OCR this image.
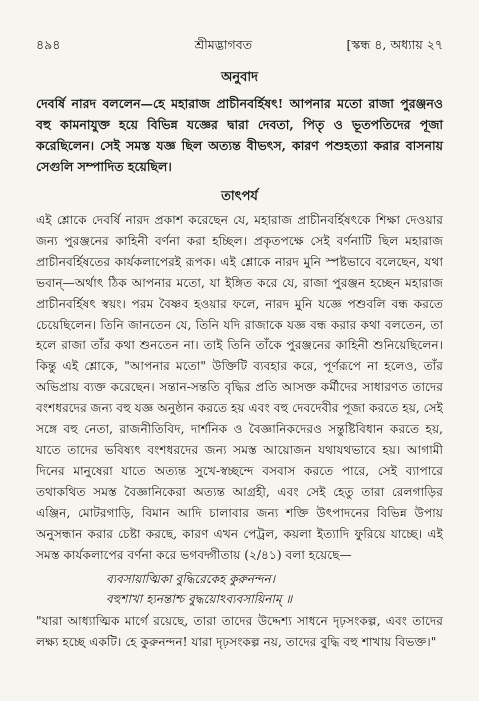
৪৯৪	শ্রীমদ্ভাগবত	[স্কন্ধ ৪, অধ্যায় ২৭
অনুবাদ

দেবর্ষি নারদ বললেন—হে মহারাজ প্রাচীনবর্হিষৎ! আপনার মতো রাজা পুরঞ্জনও বহু কামনাযুক্ত হয়ে বিভিন্ন যজ্ঞের দ্বারা দেবতা, পিতৃ ও ভূতপতিদের পূজা করেছিলেন। সেই সমস্ত যজ্ঞ ছিল অত্যন্ত বীভৎস, কারণ পশুহত্যা করার বাসনায় সেগুলি সম্পাদিত হয়েছিল।

তাৎপর্য

এই শ্লোকে দেবর্ষি নারদ প্রকাশ করেছেন যে, মহারাজ প্রাচীনবর্হিষৎকে শিক্ষা দেওয়ার জন্য পুরঞ্জনের কাহিনী বর্ণনা করা হচ্ছিল। প্রকৃতপক্ষে সেই বর্ণনাটি ছিল মহারাজ প্রাচীনবর্হিষতের কার্যকলাপেরই রূপক। এই শ্লোকে নারদ মুনি স্পষ্টভাবে বলেছেন, যথা ভবান্—অর্থাৎ ঠিক আপনার মতো, যা ইঙ্গিত করে যে, রাজা পুরঞ্জন হচ্ছেন মহারাজ প্রাচীনবর্হিষৎ স্বয়ং। পরম বৈষ্ণব হওয়ার ফলে, নারদ মুনি যজ্ঞে পশুবলি বন্ধ করতে চেয়েছিলেন। তিনি জানতেন যে, তিনি যদি রাজাকে যজ্ঞ বন্ধ করার কথা বলতেন, তা হলে রাজা তাঁর কথা শুনতেন না। তাই তিনি তাঁকে পুরঞ্জনের কাহিনী শুনিয়েছিলেন। কিন্তু এই শ্লোকে, "আপনার মতো" উক্তিটি ব্যবহার করে, পূর্ণরূপে না হলেও, তাঁর অভিপ্রায় ব্যক্ত করেছেন। সন্তান-সন্ততি বৃদ্ধির প্রতি আসক্ত কর্মীদের সাধারণত তাদের বংশধরদের জন্য বহু যজ্ঞ অনুষ্ঠান করতে হয় এবং বহু দেবদেবীর পূজা করতে হয়, সেই সঙ্গে বহু নেতা, রাজনীতিবিদ, দার্শনিক ও বৈজ্ঞানিকদেরও সন্তুষ্টিবিধান করতে হয়, যাতে তাদের ভবিষ্যৎ বংশধরদের জন্য সমস্ত আয়োজন যথাযথভাবে হয়। আগামী দিনের মানুষেরা যাতে অত্যন্ত সুখে-স্বচ্ছন্দে বসবাস করতে পারে, সেই ব্যাপারে তথাকথিত সমস্ত বৈজ্ঞানিকেরা অত্যন্ত আগ্রহী, এবং সেই হেতু তারা রেলগাড়ির এঞ্জিন, মোটরগাড়ি, বিমান আদি চালাবার জন্য শক্তি উৎপাদনের বিভিন্ন উপায় অনুসন্ধান করার চেষ্টা করছে, কারণ এখন পেট্রল, কয়লা ইত্যাদি ফুরিয়ে যাচ্ছে। এই সমস্ত কার্যকলাপের বর্ণনা করে ভগবদ্গীতায় (২/৪১) বলা হয়েছে—

ব্যবসায়াত্মিকা বুদ্ধিরেকেহ কুরুনন্দন।
বহুশাখা হ্যনন্তাশ্চ বুদ্ধয়োঽব্যবসায়িনাম্ ॥

"যারা আধ্যাত্মিক মার্গে রয়েছে, তারা তাদের উদ্দেশ্য সাধনে দৃঢ়সংকল্প, এবং তাদের লক্ষ্য হচ্ছে একটি। হে কুরুনন্দন! যারা দৃঢ়সংকল্প নয়, তাদের বুদ্ধি বহু শাখায় বিভক্ত।"
